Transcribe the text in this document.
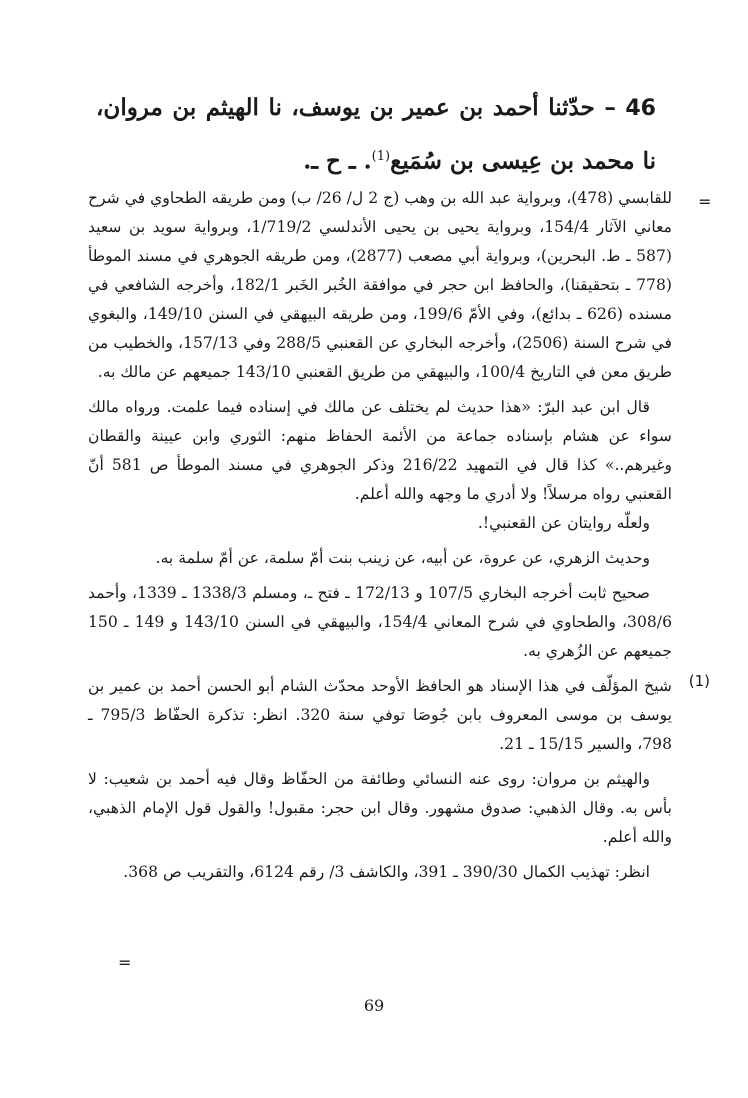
46 – حدّثنا أحمد بن عمير بن يوسف، نا الهيثم بن مروان، نا محمد بن عِيسى بن سُمَيع$^{(1)}$. ـ ح ـ.
=

للقابسي (478)، وبرواية عبد الله بن وهب (ج 2 ل/ 26/ ب) ومن طريقه الطحاوي في شرح معاني الآثار 154/4، وبرواية يحيى بن يحيى الأندلسي 1/719/2، وبرواية سويد بن سعيد (587 ـ ط. البحرين)، وبرواية أبي مصعب (2877)، ومن طريقه الجوهري في مسند الموطأ (778 ـ بتحقيقنا)، والحافظ ابن حجر في موافقة الخُبر الخَبر 182/1، وأخرجه الشافعي في مسنده (626 ـ بدائع)، وفي الأمّ 199/6، ومن طريقه البيهقي في السنن 149/10، والبغوي في شرح السنة (2506)، وأخرجه البخاري عن القعنبي 288/5 وفي 157/13، والخطيب من طريق معن في التاريخ 100/4، والبيهقي من طريق القعنبي 143/10 جميعهم عن مالك به.

قال ابن عبد البرّ: «هذا حديث لم يختلف عن مالك في إسناده فيما علمت. ورواه مالك سواء عن هشام بإسناده جماعة من الأئمة الحفاظ منهم: الثوري وابن عيينة والقطان وغيرهم..» كذا قال في التمهيد 216/22 وذكر الجوهري في مسند الموطأ ص 581 أنّ القعنبي رواه مرسلاً! ولا أدري ما وجهه والله أعلم.

ولعلّه روايتان عن القعنبي!.

وحديث الزهري، عن عروة، عن أبيه، عن زينب بنت أمّ سلمة، عن أمّ سلمة به.

صحيح ثابت أخرجه البخاري 107/5 و 172/13 ـ فتح ـ، ومسلم 1338/3 ـ 1339، وأحمد 308/6، والطحاوي في شرح المعاني 154/4، والبيهقي في السنن 143/10 و 149 ـ 150 جميعهم عن الزُهري به.

(1)

شيخ المؤلّف في هذا الإسناد هو الحافظ الأوحد محدّث الشام أبو الحسن أحمد بن عمير بن يوسف بن موسى المعروف بابن جُوصَا توفي سنة 320. انظر: تذكرة الحفّاظ 795/3 ـ 798، والسير 15/15 ـ 21.

والهيثم بن مروان: روى عنه النسائي وطائفة من الحفّاظ وقال فيه أحمد بن شعيب: لا بأس به. وقال الذهبي: صدوق مشهور. وقال ابن حجر: مقبول! والقول قول الإمام الذهبي، والله أعلم.

انظر: تهذيب الكمال 390/30 ـ 391، والكاشف 3/ رقم 6124، والتقريب ص 368.

=
69
